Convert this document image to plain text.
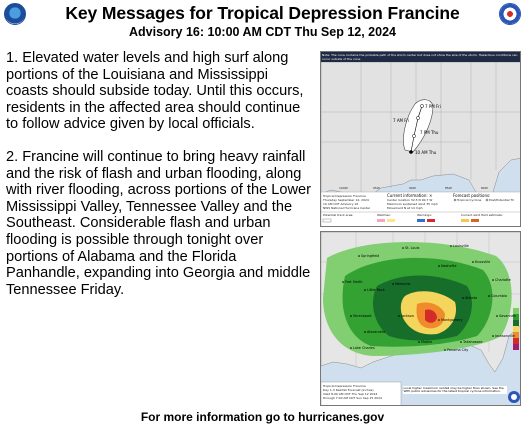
Key Messages for Tropical Depression Francine
Advisory 16: 10:00 AM CDT Thu Sep 12, 2024

1. Elevated water levels and high surf along portions of the Louisiana and Mississippi coasts should subside today. Until this occurs, residents in the affected area should continue to follow advice given by local officials.

2. Francine will continue to bring heavy rainfall and the risk of flash and urban flooding, along with river flooding, across portions of the Lower Mississippi Valley, Tennessee Valley and the Southeast. Considerable flash and urban flooding is possible through tonight over portions of Alabama and the Florida Panhandle, expanding into Georgia and middle Tennessee Friday.

Note: The cone contains the probable path of the storm center but does not show the size of the storm. Hazardous conditions can occur outside of the cone.
7 PM Fri
7 AM Fri
7 PM Thu
10 AM Thu
100W	95W	90W	85W	80W
Tropical Depression Francine
Thursday September 12, 2024
10 AM CDT Advisory 16
NWS National Hurricane Center
Current information: ×
Center location 32.5 N 90.7 W
Maximum sustained wind 35 mph
Movement N at 14 mph
Forecast positions:
Tropical Cyclone	Post/Potential TC
Potential track area:	Watches:	Warnings:	Current wind field estimate:
Springfield
St. Louis	Louisville
Nashville
Knoxville
Charlotte
Atlanta	Columbia
Savannah
Fort Smith
Little Rock
Memphis
Montgomery
Jackson
Shreveport
Alexandria
Lake Charles
Mobile	Tallahassee
Panama City
Jacksonville
Tropical Depression Francine
Day 1-3 Rainfall Forecast (inches)
Valid 8:00 AM CDT Thu Sep 12 2024
through 7:00 AM CDT Sun Sep 15 2024
Local higher maximum rainfall may be higher than shown. See the WPC public advisories for the latest tropical cyclone information.
For more information go to hurricanes.gov
